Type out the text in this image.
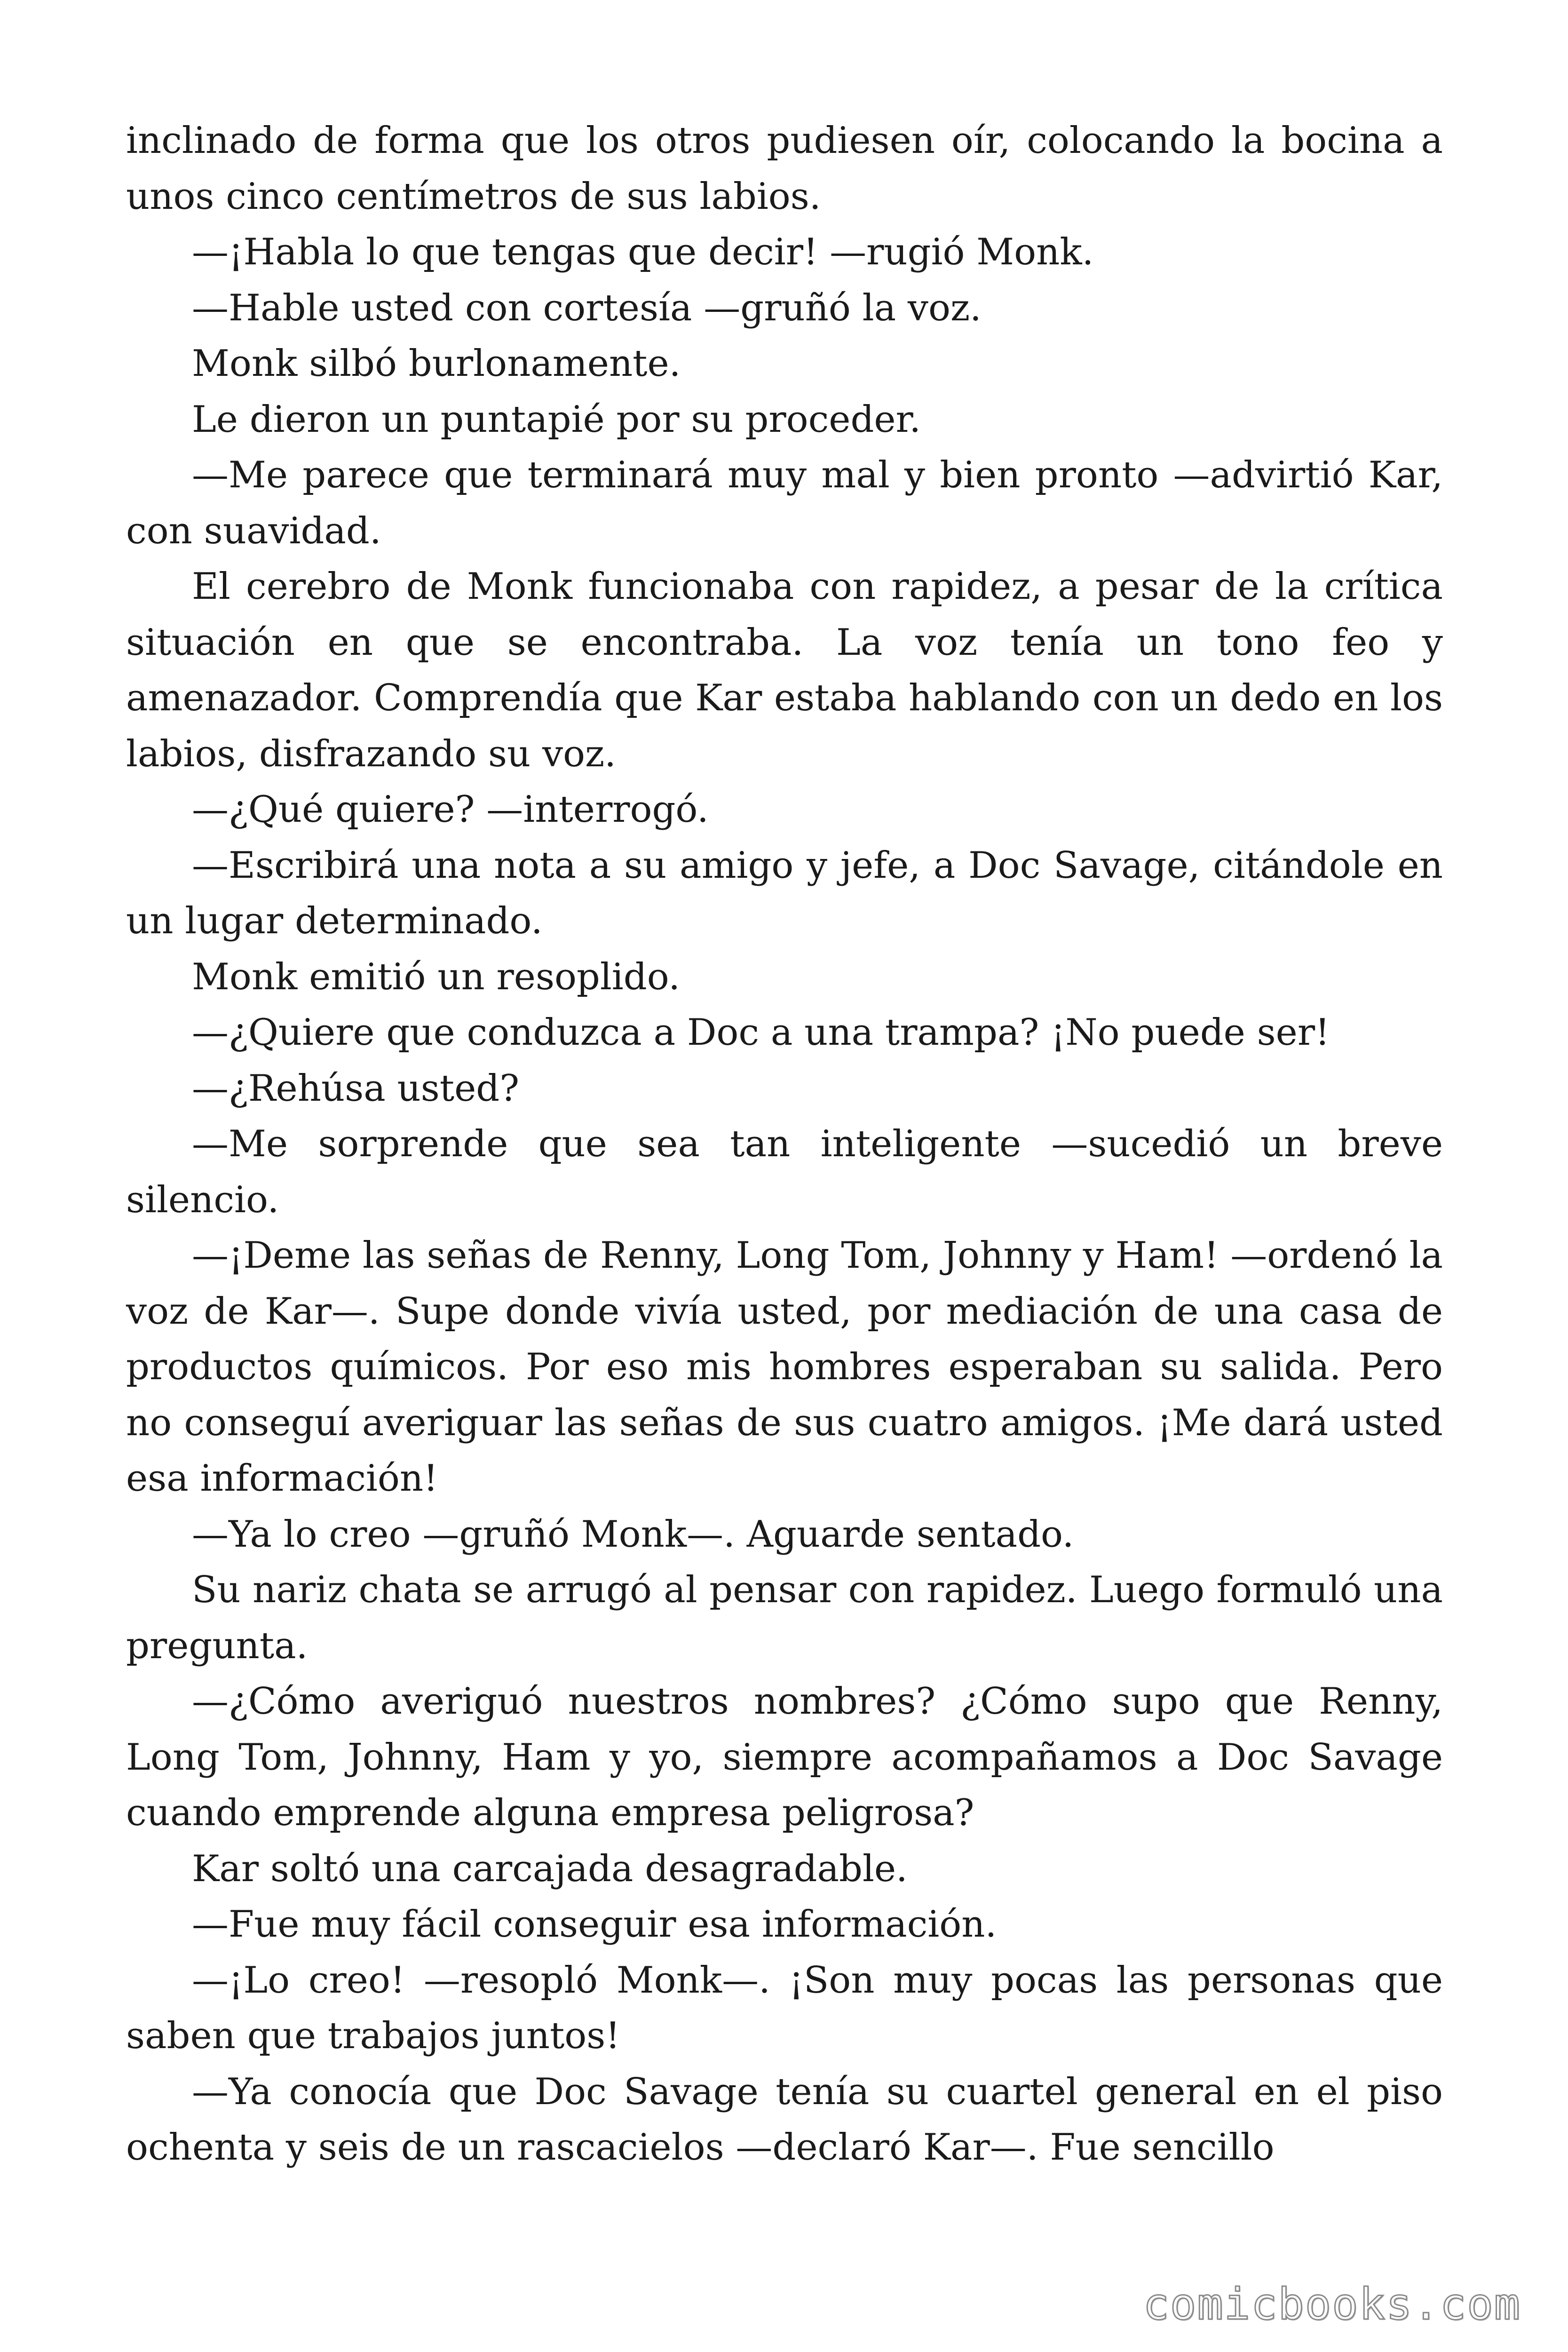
inclinado de forma que los otros pudiesen oír, colocando la bocina a unos cinco centímetros de sus labios.

—¡Habla lo que tengas que decir! —rugió Monk.

—Hable usted con cortesía —gruñó la voz.

Monk silbó burlonamente.

Le dieron un puntapié por su proceder.

—Me parece que terminará muy mal y bien pronto —advirtió Kar, con suavidad.

El cerebro de Monk funcionaba con rapidez, a pesar de la crítica situación en que se encontraba. La voz tenía un tono feo y amenazador. Comprendía que Kar estaba hablando con un dedo en los labios, disfrazando su voz.

—¿Qué quiere? —interrogó.

—Escribirá una nota a su amigo y jefe, a Doc Savage, citándole en un lugar determinado.

Monk emitió un resoplido.

—¿Quiere que conduzca a Doc a una trampa? ¡No puede ser!

—¿Rehúsa usted?

—Me sorprende que sea tan inteligente —sucedió un breve silencio.

—¡Deme las señas de Renny, Long Tom, Johnny y Ham! —ordenó la voz de Kar—. Supe donde vivía usted, por mediación de una casa de productos químicos. Por eso mis hombres esperaban su salida. Pero no conseguí averiguar las señas de sus cuatro amigos. ¡Me dará usted esa información!

—Ya lo creo —gruñó Monk—. Aguarde sentado.

Su nariz chata se arrugó al pensar con rapidez. Luego formuló una pregunta.

—¿Cómo averiguó nuestros nombres? ¿Cómo supo que Renny, Long Tom, Johnny, Ham y yo, siempre acompañamos a Doc Savage cuando emprende alguna empresa peligrosa?

Kar soltó una carcajada desagradable.

—Fue muy fácil conseguir esa información.

—¡Lo creo! —resopló Monk—. ¡Son muy pocas las personas que saben que trabajos juntos!

—Ya conocía que Doc Savage tenía su cuartel general en el piso ochenta y seis de un rascacielos —declaró Kar—. Fue sencillo

comicbooks.com
